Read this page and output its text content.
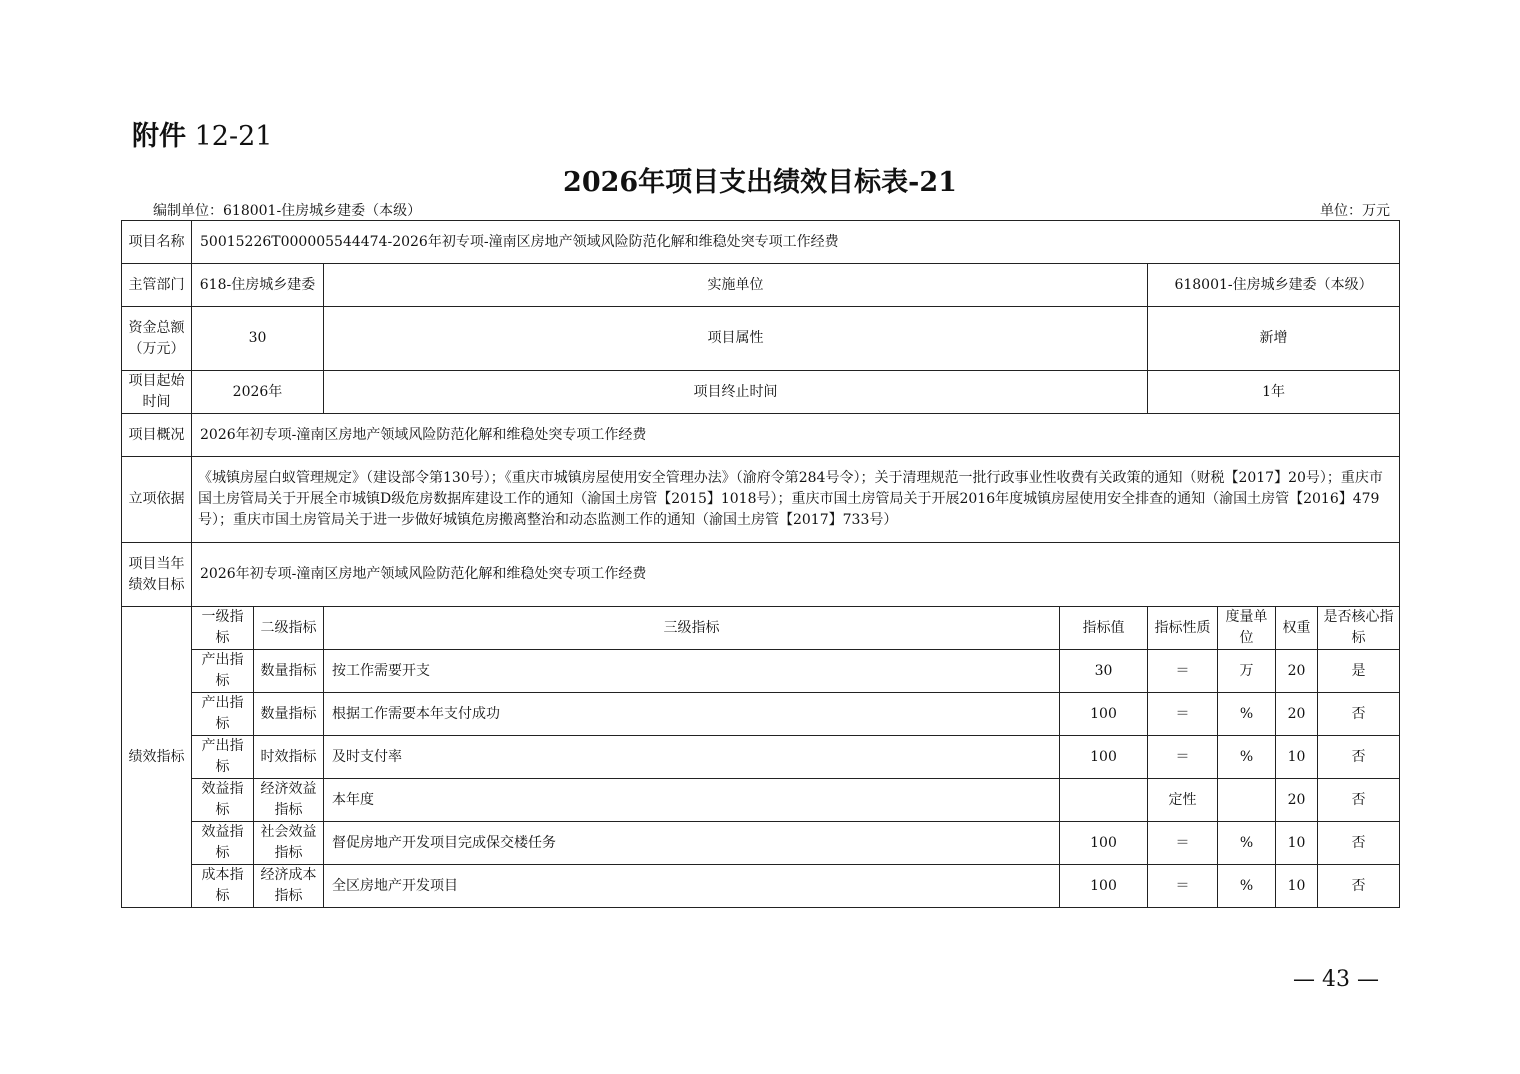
附件 12-21
2026年项目支出绩效目标表-21
编制单位：618001-住房城乡建委（本级）	单位：万元
项目名称	50015226T000005544474-2026年初专项-潼南区房地产领域风险防范化解和维稳处突专项工作经费							
主管部门	618-住房城乡建委		实施单位		618001-住房城乡建委（本级）			
资金总额（万元）	30		项目属性		新增			
项目起始时间	2026年		项目终止时间		1年			
项目概况	2026年初专项-潼南区房地产领域风险防范化解和维稳处突专项工作经费							
立项依据	《城镇房屋白蚁管理规定》（建设部令第130号）；《重庆市城镇房屋使用安全管理办法》（渝府令第284号令）；关于清理规范一批行政事业性收费有关政策的通知（财税【2017】20号）；重庆市国土房管局关于开展全市城镇D级危房数据库建设工作的通知（渝国土房管【2015】1018号）；重庆市国土房管局关于开展2016年度城镇房屋使用安全排查的通知（渝国土房管【2016】479号）；重庆市国土房管局关于进一步做好城镇危房搬离整治和动态监测工作的通知（渝国土房管【2017】733号）							
项目当年绩效目标	2026年初专项-潼南区房地产领域风险防范化解和维稳处突专项工作经费							
绩效指标	一级指标	二级指标	三级指标	指标值	指标性质	度量单位	权重	是否核心指标
	产出指标	数量指标	按工作需要开支	30	＝	万	20	是
	产出指标	数量指标	根据工作需要本年支付成功	100	＝	%	20	否
	产出指标	时效指标	及时支付率	100	＝	%	10	否
	效益指标	经济效益指标	本年度		定性		20	否
	效益指标	社会效益指标	督促房地产开发项目完成保交楼任务	100	＝	%	10	否
	成本指标	经济成本指标	全区房地产开发项目	100	＝	%	10	否
— 43 —
